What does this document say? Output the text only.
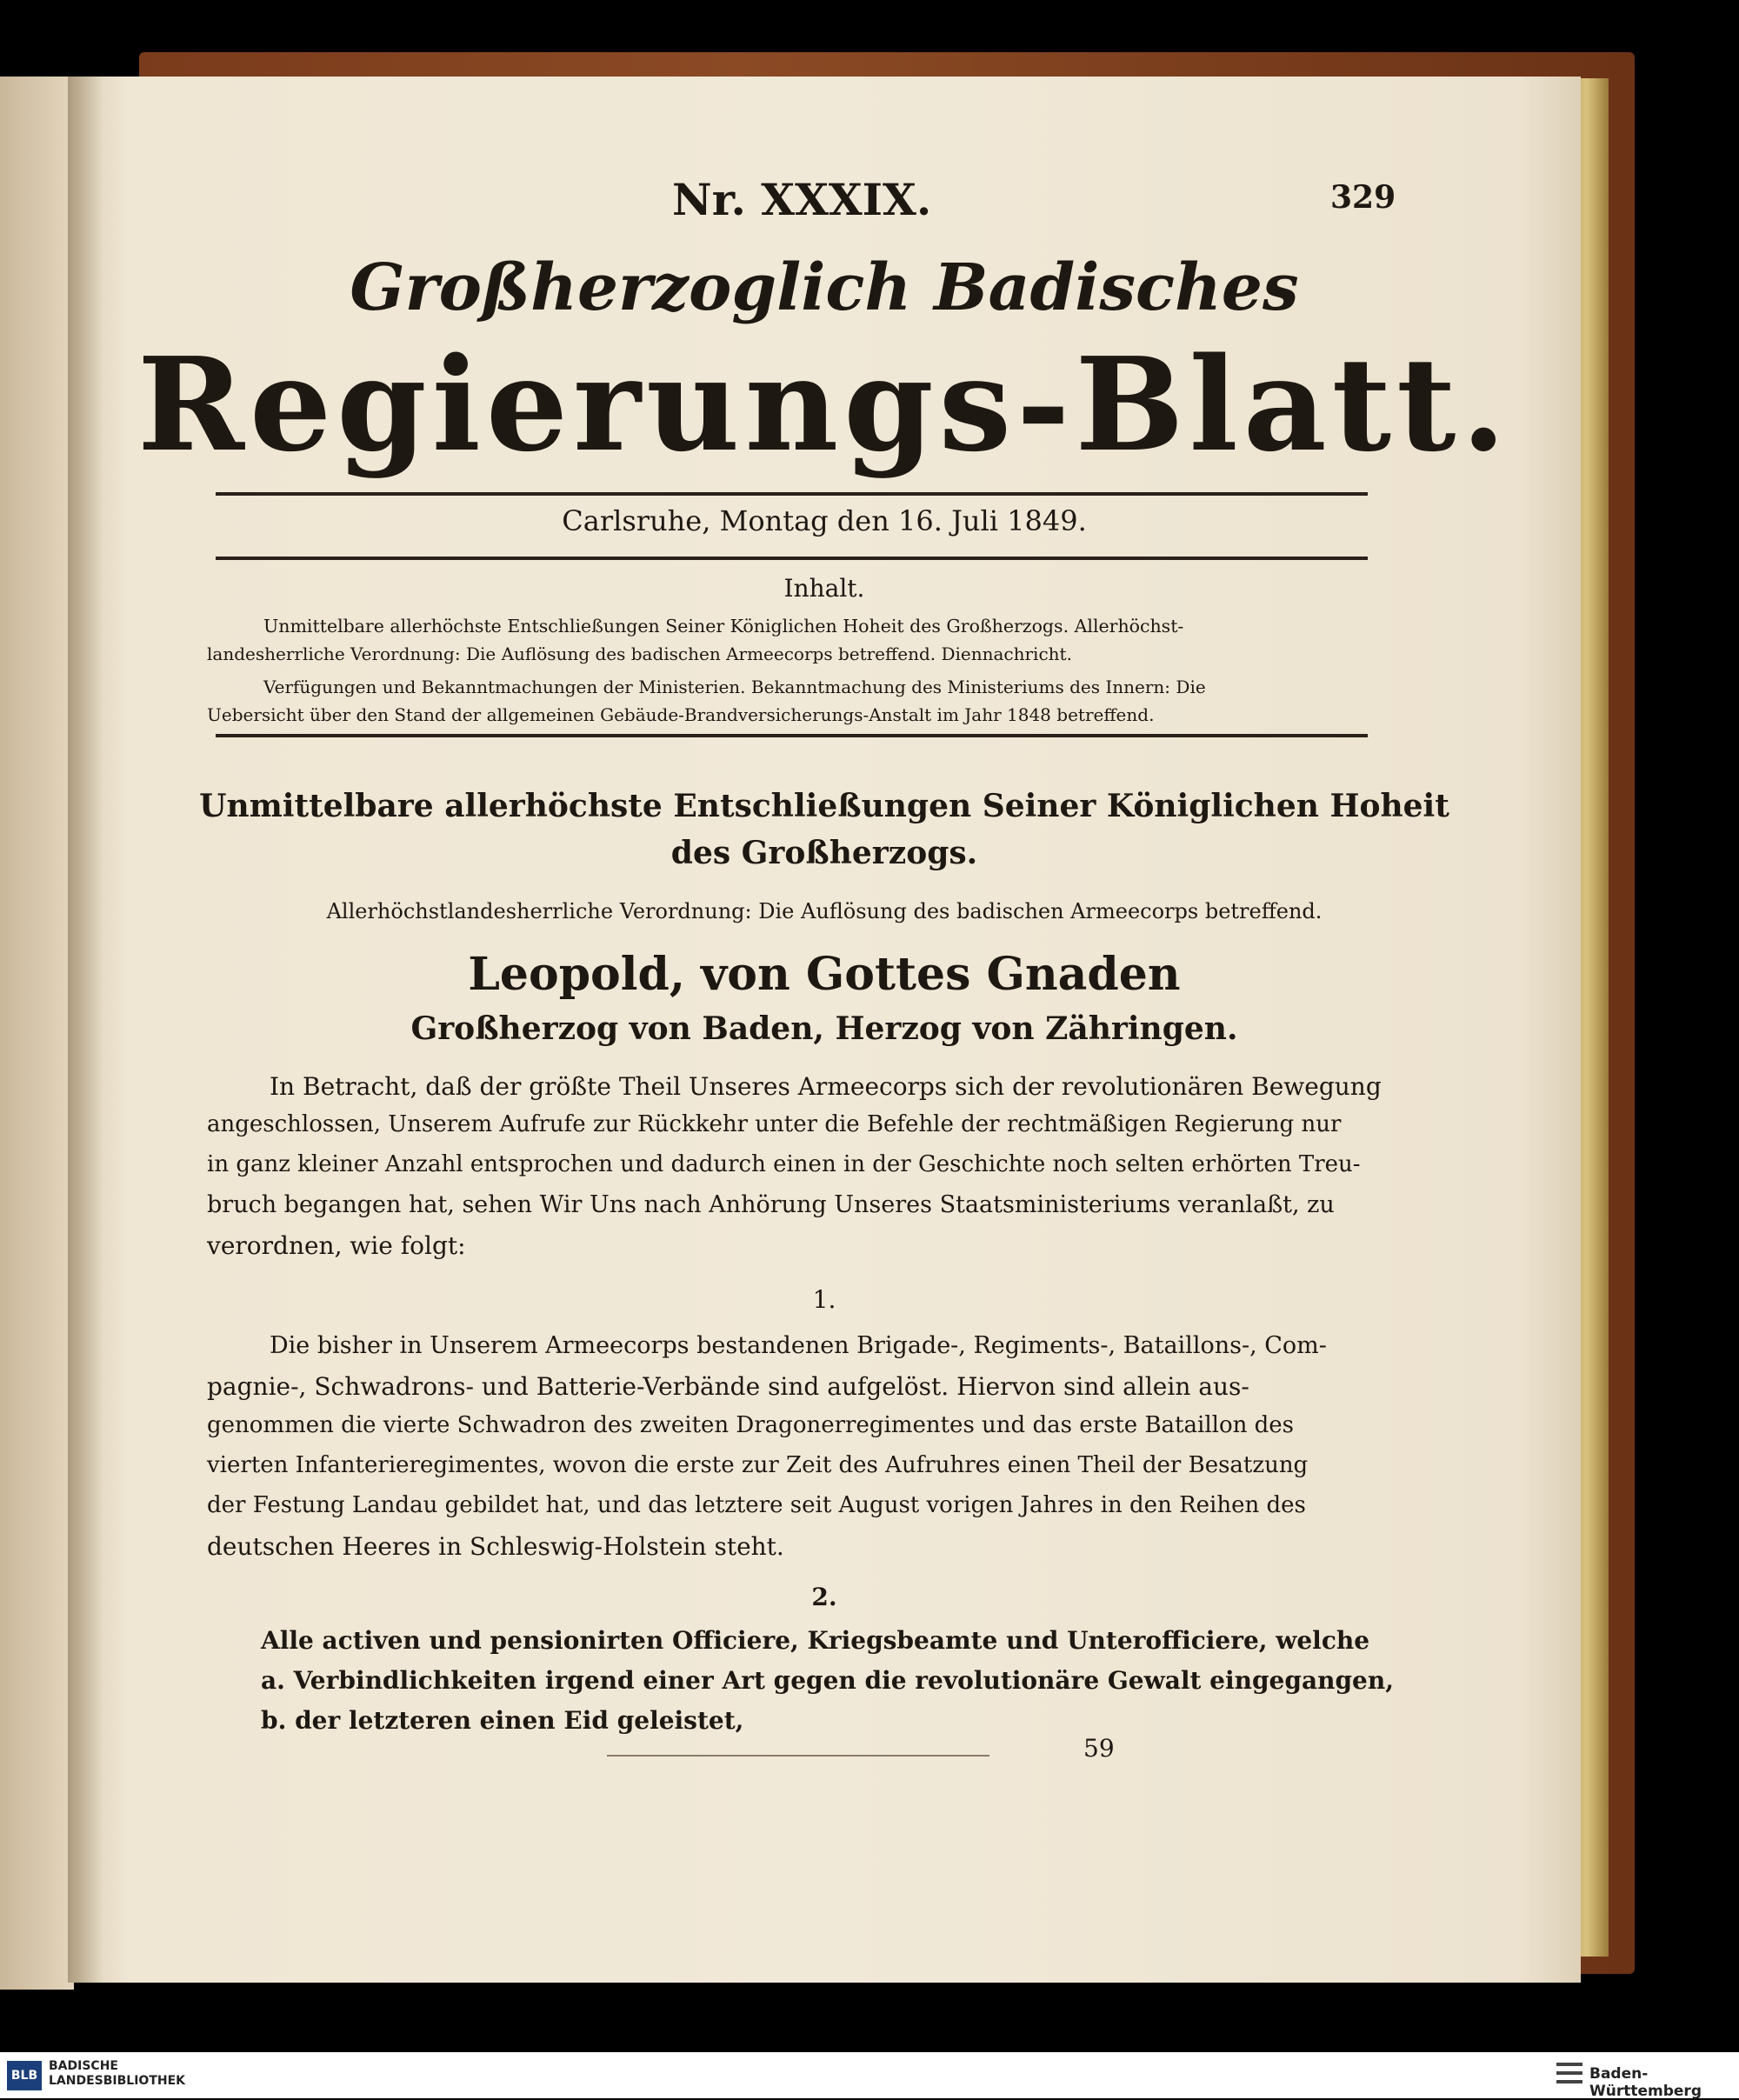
Nr. XXXIX.	329
Großherzoglich Badisches
Regierungs-Blatt.
Carlsruhe, Montag den 16. Juli 1849.
Inhalt.
Unmittelbare allerhöchste Entschließungen Seiner Königlichen Hoheit des Großherzogs. Allerhöchst-
landesherrliche Verordnung: Die Auflösung des badischen Armeecorps betreffend. Diennachricht.
Verfügungen und Bekanntmachungen der Ministerien. Bekanntmachung des Ministeriums des Innern: Die
Uebersicht über den Stand der allgemeinen Gebäude-Brandversicherungs-Anstalt im Jahr 1848 betreffend.
Unmittelbare allerhöchste Entschließungen Seiner Königlichen Hoheit
des Großherzogs.
Allerhöchstlandesherrliche Verordnung: Die Auflösung des badischen Armeecorps betreffend.
Leopold, von Gottes Gnaden
Großherzog von Baden, Herzog von Zähringen.
In Betracht, daß der größte Theil Unseres Armeecorps sich der revolutionären Bewegung
angeschlossen, Unserem Aufrufe zur Rückkehr unter die Befehle der rechtmäßigen Regierung nur
in ganz kleiner Anzahl entsprochen und dadurch einen in der Geschichte noch selten erhörten Treu-
bruch begangen hat, sehen Wir Uns nach Anhörung Unseres Staatsministeriums veranlaßt, zu
verordnen, wie folgt:
1.
Die bisher in Unserem Armeecorps bestandenen Brigade-, Regiments-, Bataillons-, Com-
pagnie-, Schwadrons- und Batterie-Verbände sind aufgelöst. Hiervon sind allein aus-
genommen die vierte Schwadron des zweiten Dragonerregimentes und das erste Bataillon des
vierten Infanterieregimentes, wovon die erste zur Zeit des Aufruhres einen Theil der Besatzung
der Festung Landau gebildet hat, und das letztere seit August vorigen Jahres in den Reihen des
deutschen Heeres in Schleswig-Holstein steht.
2.
Alle activen und pensionirten Officiere, Kriegsbeamte und Unterofficiere, welche
a. Verbindlichkeiten irgend einer Art gegen die revolutionäre Gewalt eingegangen,
b. der letzteren einen Eid geleistet,
59
BLB
BADISCHE
LANDESBIBLIOTHEK	Baden-Württemberg
